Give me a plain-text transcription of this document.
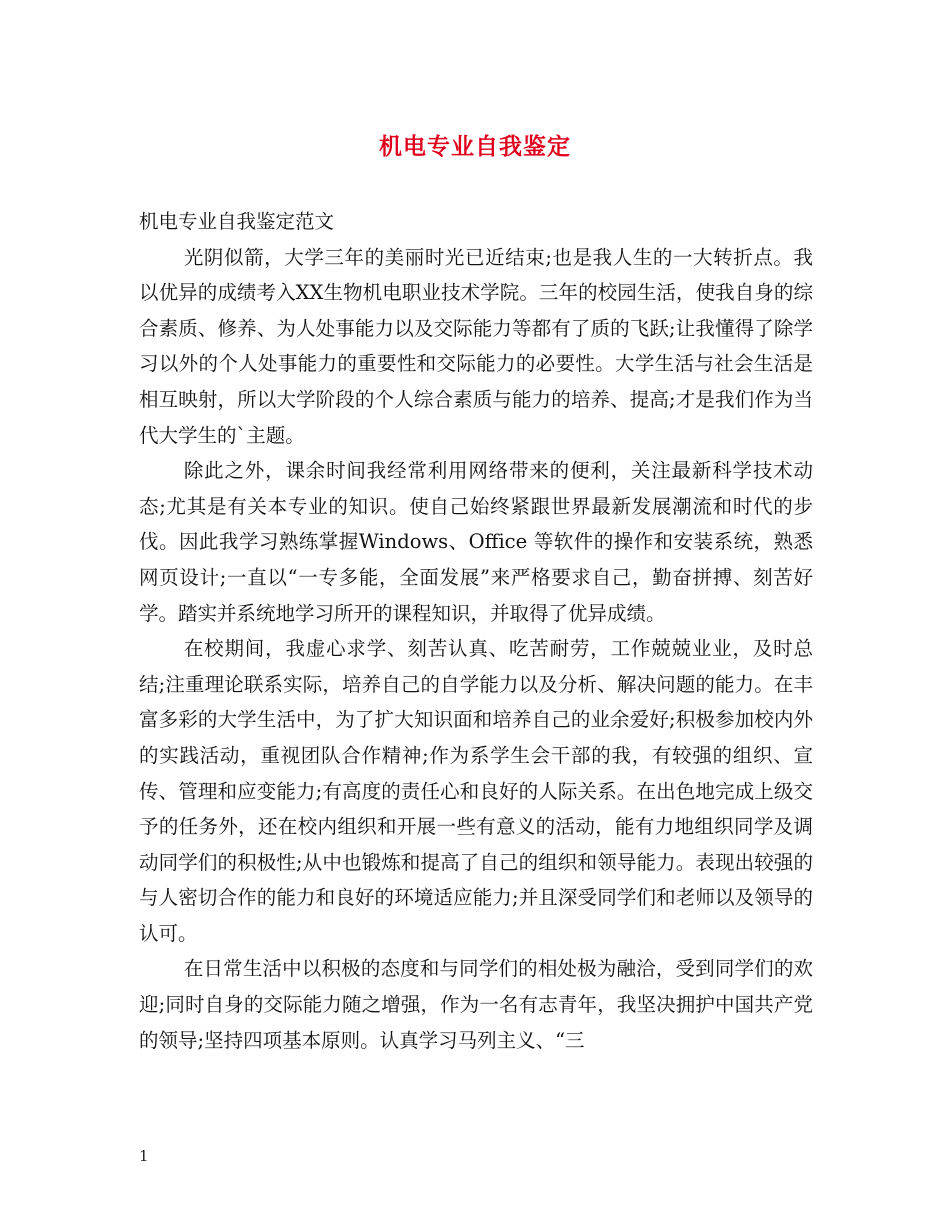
机电专业自我鉴定

机电专业自我鉴定范文

光阴似箭，大学三年的美丽时光已近结束;也是我人生的一大转折点。我以优异的成绩考入XX生物机电职业技术学院。三年的校园生活，使我自身的综合素质、修养、为人处事能力以及交际能力等都有了质的飞跃;让我懂得了除学习以外的个人处事能力的重要性和交际能力的必要性。大学生活与社会生活是相互映射，所以大学阶段的个人综合素质与能力的培养、提高;才是我们作为当代大学生的`主题。

除此之外，课余时间我经常利用网络带来的便利，关注最新科学技术动态;尤其是有关本专业的知识。使自己始终紧跟世界最新发展潮流和时代的步伐。因此我学习熟练掌握Windows、Office 等软件的操作和安装系统，熟悉网页设计;一直以“一专多能，全面发展”来严格要求自己，勤奋拼搏、刻苦好学。踏实并系统地学习所开的课程知识，并取得了优异成绩。

在校期间，我虚心求学、刻苦认真、吃苦耐劳，工作兢兢业业，及时总结;注重理论联系实际，培养自己的自学能力以及分析、解决问题的能力。在丰富多彩的大学生活中，为了扩大知识面和培养自己的业余爱好;积极参加校内外的实践活动，重视团队合作精神;作为系学生会干部的我，有较强的组织、宣传、管理和应变能力;有高度的责任心和良好的人际关系。在出色地完成上级交予的任务外，还在校内组织和开展一些有意义的活动，能有力地组织同学及调动同学们的积极性;从中也锻炼和提高了自己的组织和领导能力。表现出较强的与人密切合作的能力和良好的环境适应能力;并且深受同学们和老师以及领导的认可。

在日常生活中以积极的态度和与同学们的相处极为融洽，受到同学们的欢迎;同时自身的交际能力随之增强，作为一名有志青年，我坚决拥护中国共产党的领导;坚持四项基本原则。认真学习马列主义、“三

1
